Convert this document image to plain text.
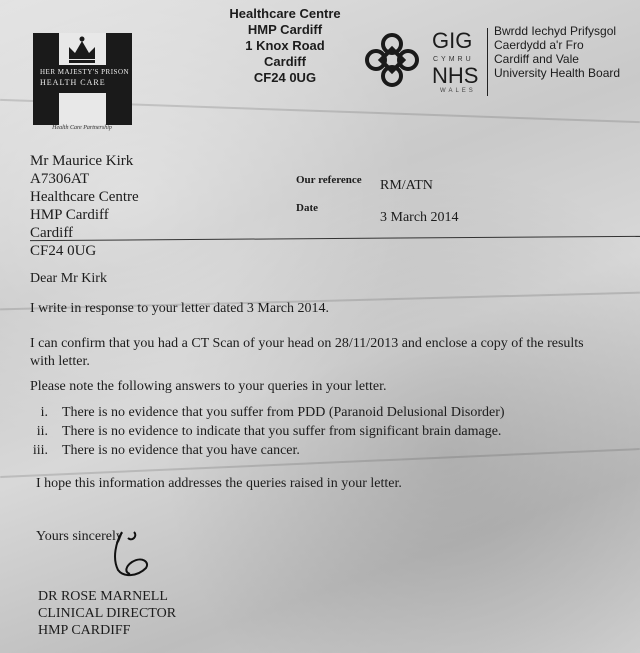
HER MAJESTY'S PRISON
HEALTH CARE
Health Care Partnership
Healthcare Centre
HMP Cardiff
1 Knox Road
Cardiff
CF24 0UG
GIG
CYMRU
NHS
WALES
Bwrdd Iechyd Prifysgol
Caerdydd a'r Fro
Cardiff and Vale
University Health Board
Mr Maurice Kirk
A7306AT
Healthcare Centre
HMP Cardiff
Cardiff
CF24 0UG
Our reference RM/ATN
Date
3 March 2014
Dear Mr Kirk
I write in response to your letter dated 3 March 2014.
I can confirm that you had a CT Scan of your head on 28/11/2013 and enclose a copy of the results
with letter.
Please note the following answers to your queries in your letter.
i. There is no evidence that you suffer from PDD (Paranoid Delusional Disorder)
ii. There is no evidence to indicate that you suffer from significant brain damage.
iii. There is no evidence that you have cancer.
I hope this information addresses the queries raised in your letter.
Yours sincerely
DR ROSE MARNELL
CLINICAL DIRECTOR
HMP CARDIFF
